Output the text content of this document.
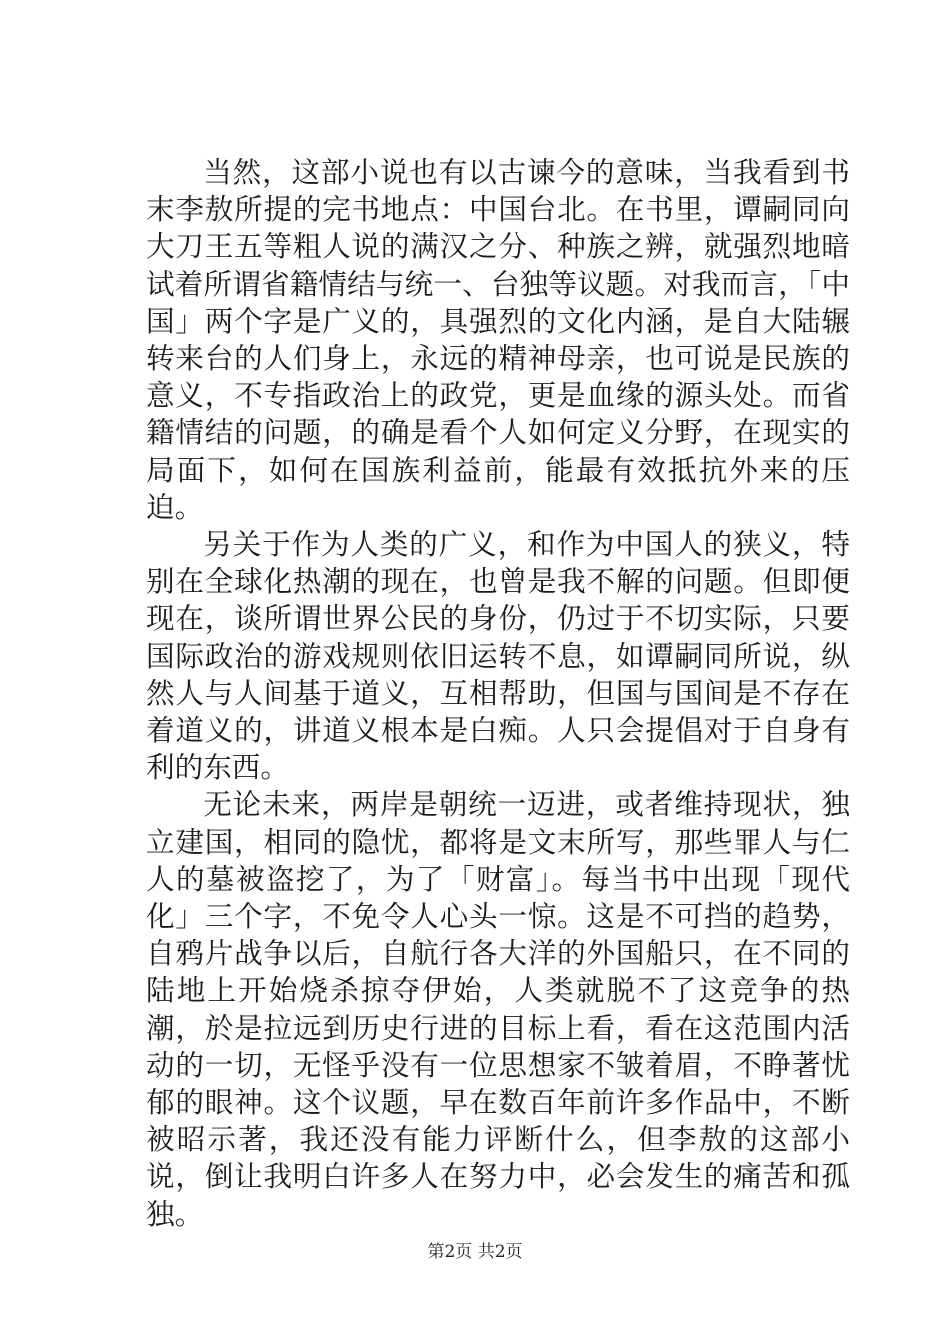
当然，这部小说也有以古谏今的意味，当我看到书末李敖所提的完书地点：中国台北。在书里，谭嗣同向大刀王五等粗人说的满汉之分、种族之辨，就强烈地暗试着所谓省籍情结与统一、台独等议题。对我而言，「中国」两个字是广义的，具强烈的文化内涵，是自大陆辗转来台的人们身上，永远的精神母亲，也可说是民族的意义，不专指政治上的政党，更是血缘的源头处。而省籍情结的问题，的确是看个人如何定义分野，在现实的局面下，如何在国族利益前，能最有效抵抗外来的压迫。

另关于作为人类的广义，和作为中国人的狭义，特别在全球化热潮的现在，也曾是我不解的问题。但即便现在，谈所谓世界公民的身份，仍过于不切实际，只要国际政治的游戏规则依旧运转不息，如谭嗣同所说，纵然人与人间基于道义，互相帮助，但国与国间是不存在着道义的，讲道义根本是白痴。人只会提倡对于自身有利的东西。

无论未来，两岸是朝统一迈进，或者维持现状，独立建国，相同的隐忧，都将是文末所写，那些罪人与仁人的墓被盗挖了，为了「财富」。每当书中出现「现代化」三个字，不免令人心头一惊。这是不可挡的趋势，自鸦片战争以后，自航行各大洋的外国船只，在不同的陆地上开始烧杀掠夺伊始，人类就脱不了这竞争的热潮，於是拉远到历史行进的目标上看，看在这范围内活动的一切，无怪乎没有一位思想家不皱着眉，不睁著忧郁的眼神。这个议题，早在数百年前许多作品中，不断被昭示著，我还没有能力评断什么，但李敖的这部小说，倒让我明白许多人在努力中，必会发生的痛苦和孤独。

第2页 共2页
